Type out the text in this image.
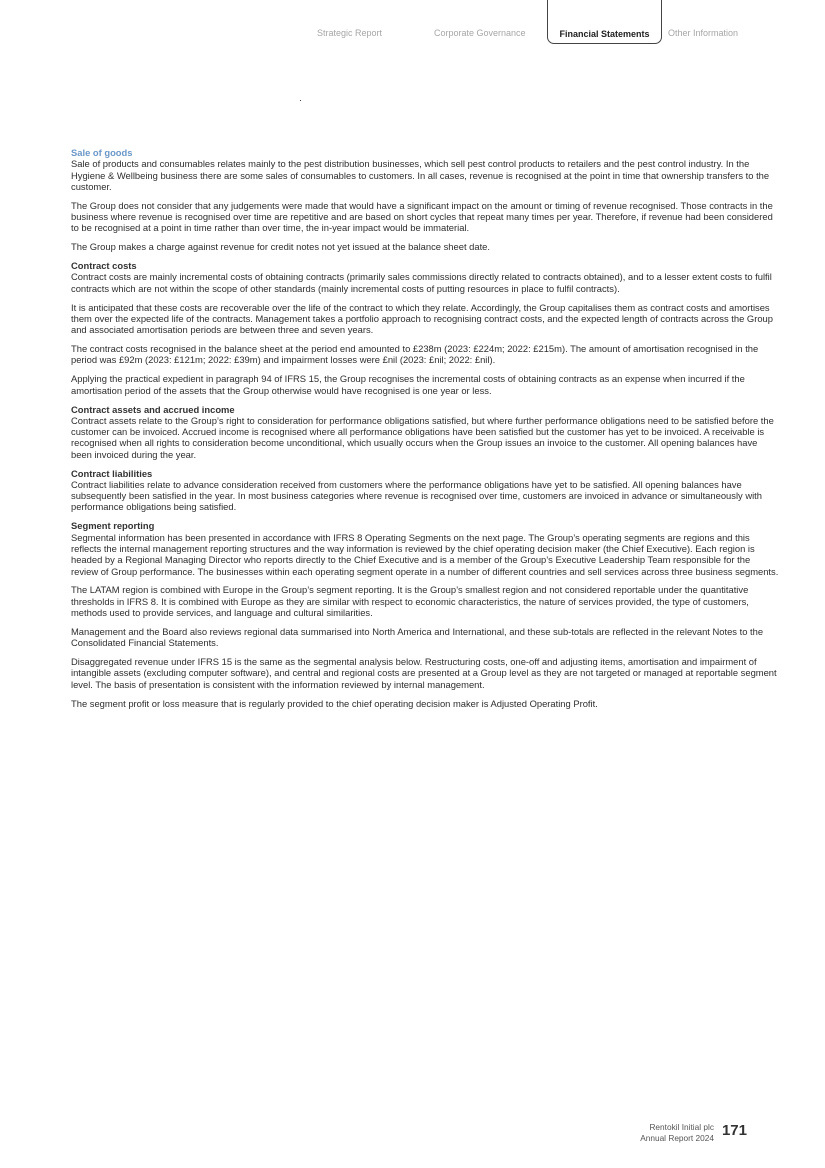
Strategic Report	Corporate Governance	Financial Statements	Other Information
Sale of goods

Sale of products and consumables relates mainly to the pest distribution businesses, which sell pest control products to retailers and the pest control industry. In the Hygiene & Wellbeing business there are some sales of consumables to customers. In all cases, revenue is recognised at the point in time that ownership transfers to the customer.

The Group does not consider that any judgements were made that would have a significant impact on the amount or timing of revenue recognised. Those contracts in the business where revenue is recognised over time are repetitive and are based on short cycles that repeat many times per year. Therefore, if revenue had been considered to be recognised at a point in time rather than over time, the in-year impact would be immaterial.

The Group makes a charge against revenue for credit notes not yet issued at the balance sheet date.

Contract costs

Contract costs are mainly incremental costs of obtaining contracts (primarily sales commissions directly related to contracts obtained), and to a lesser extent costs to fulfil contracts which are not within the scope of other standards (mainly incremental costs of putting resources in place to fulfil contracts).

It is anticipated that these costs are recoverable over the life of the contract to which they relate. Accordingly, the Group capitalises them as contract costs and amortises them over the expected life of the contracts. Management takes a portfolio approach to recognising contract costs, and the expected length of contracts across the Group and associated amortisation periods are between three and seven years.

The contract costs recognised in the balance sheet at the period end amounted to £238m (2023: £224m; 2022: £215m). The amount of amortisation recognised in the period was £92m (2023: £121m; 2022: £39m) and impairment losses were £nil (2023: £nil; 2022: £nil).

Applying the practical expedient in paragraph 94 of IFRS 15, the Group recognises the incremental costs of obtaining contracts as an expense when incurred if the amortisation period of the assets that the Group otherwise would have recognised is one year or less.

Contract assets and accrued income

Contract assets relate to the Group’s right to consideration for performance obligations satisfied, but where further performance obligations need to be satisfied before the customer can be invoiced. Accrued income is recognised where all performance obligations have been satisfied but the customer has yet to be invoiced. A receivable is recognised when all rights to consideration become unconditional, which usually occurs when the Group issues an invoice to the customer. All opening balances have been invoiced during the year.

Contract liabilities

Contract liabilities relate to advance consideration received from customers where the performance obligations have yet to be satisfied. All opening balances have subsequently been satisfied in the year. In most business categories where revenue is recognised over time, customers are invoiced in advance or simultaneously with performance obligations being satisfied.

Segment reporting

Segmental information has been presented in accordance with IFRS 8 Operating Segments on the next page. The Group’s operating segments are regions and this reflects the internal management reporting structures and the way information is reviewed by the chief operating decision maker (the Chief Executive). Each region is headed by a Regional Managing Director who reports directly to the Chief Executive and is a member of the Group’s Executive Leadership Team responsible for the review of Group performance. The businesses within each operating segment operate in a number of different countries and sell services across three business segments.

The LATAM region is combined with Europe in the Group’s segment reporting. It is the Group’s smallest region and not considered reportable under the quantitative thresholds in IFRS 8. It is combined with Europe as they are similar with respect to economic characteristics, the nature of services provided, the type of customers, methods used to provide services, and language and cultural similarities.

Management and the Board also reviews regional data summarised into North America and International, and these sub-totals are reflected in the relevant Notes to the Consolidated Financial Statements.

Disaggregated revenue under IFRS 15 is the same as the segmental analysis below. Restructuring costs, one-off and adjusting items, amortisation and impairment of intangible assets (excluding computer software), and central and regional costs are presented at a Group level as they are not targeted or managed at reportable segment level. The basis of presentation is consistent with the information reviewed by internal management.

The segment profit or loss measure that is regularly provided to the chief operating decision maker is Adjusted Operating Profit.

Rentokil Initial plc
Annual Report 2024 171
